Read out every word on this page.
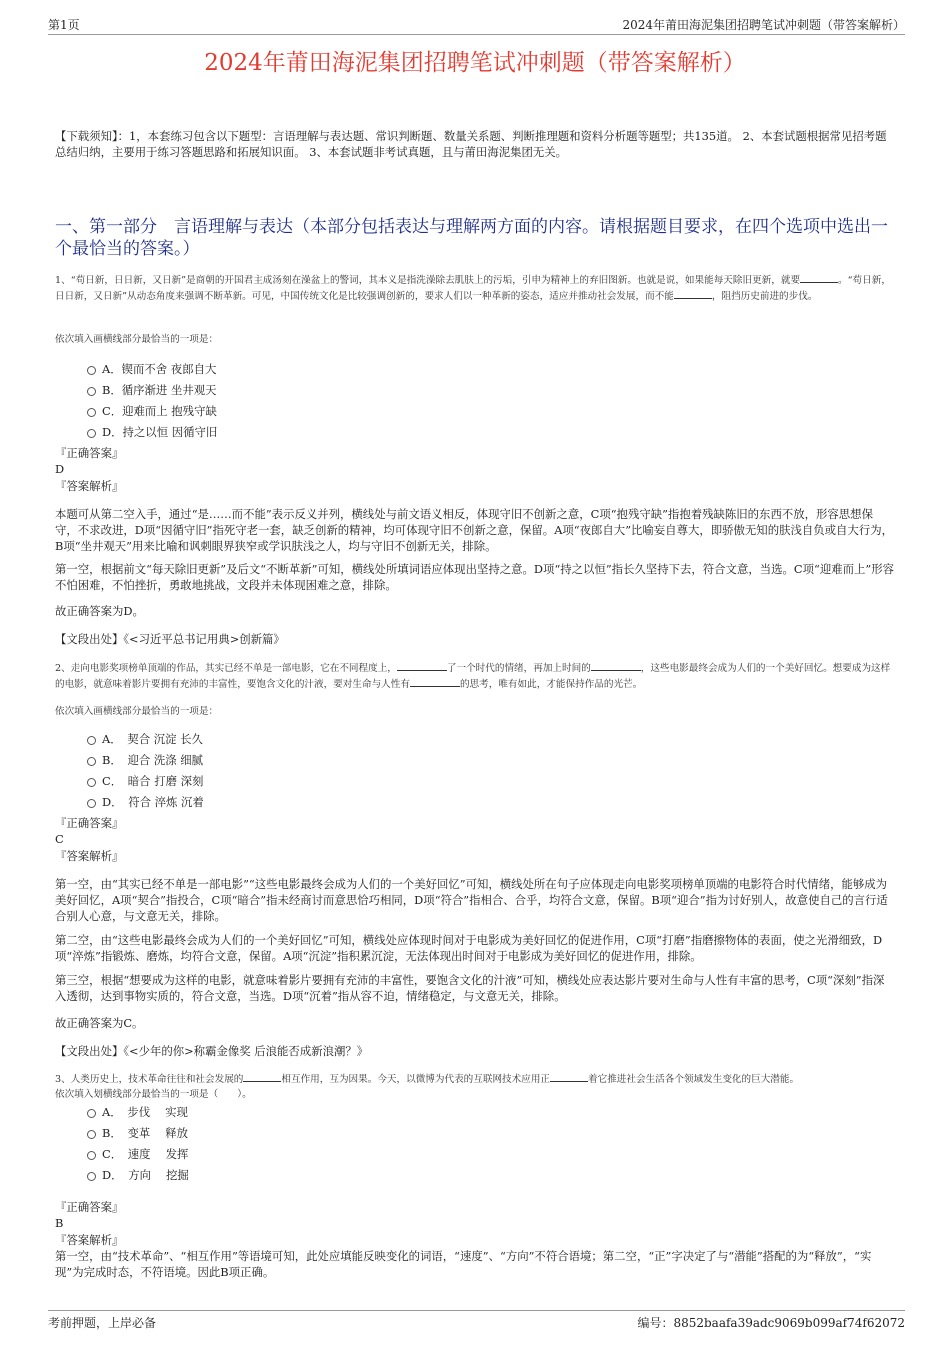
第1页	2024年莆田海泥集团招聘笔试冲刺题（带答案解析）
2024年莆田海泥集团招聘笔试冲刺题（带答案解析）

【下载须知】：1，本套练习包含以下题型：言语理解与表达题、常识判断题、数量关系题、判断推理题和资料分析题等题型；共135道。 2、本套试题根据常见招考题总结归纳，主要用于练习答题思路和拓展知识面。 3、本套试题非考试真题，且与莆田海泥集团无关。

一、第一部分　言语理解与表达（本部分包括表达与理解两方面的内容。请根据题目要求，在四个选项中选出一个最恰当的答案。）

1、“苟日新，日日新，又日新”是商朝的开国君主成汤刻在澡盆上的警词，其本义是指洗澡除去肌肤上的污垢，引申为精神上的弃旧图新。也就是说，如果能每天除旧更新，就要	。“苟日新，日日新，又日新”从动态角度来强调不断革新。可见，中国传统文化是比较强调创新的，要求人们以一种革新的姿态，适应并推动社会发展，而不能	，阻挡历史前进的步伐。

依次填入画横线部分最恰当的一项是：

A．锲而不舍 夜郎自大
B．循序渐进 坐井观天
C．迎难而上 抱残守缺
D．持之以恒 因循守旧
『正确答案』
D
『答案解析』

本题可从第二空入手，通过“是……而不能”表示反义并列，横线处与前文语义相反，体现守旧不创新之意，C项“抱残守缺”指抱着残缺陈旧的东西不放，形容思想保守，不求改进，D项“因循守旧”指死守老一套，缺乏创新的精神，均可体现守旧不创新之意，保留。A项“夜郎自大”比喻妄自尊大，即骄傲无知的肤浅自负或自大行为，B项“坐井观天”用来比喻和讽刺眼界狭窄或学识肤浅之人，均与守旧不创新无关，排除。

第一空，根据前文“每天除旧更新”及后文“不断革新”可知，横线处所填词语应体现出坚持之意。D项“持之以恒”指长久坚持下去，符合文意，当选。C项“迎难而上”形容不怕困难，不怕挫折，勇敢地挑战，文段并未体现困难之意，排除。

故正确答案为D。

【文段出处】《<习近平总书记用典>创新篇》

2、走向电影奖项榜单顶端的作品，其实已经不单是一部电影，它在不同程度上，	了一个时代的情绪，再加上时间的	，这些电影最终会成为人们的一个美好回忆。想要成为这样的电影，就意味着影片要拥有充沛的丰富性，要饱含文化的汁液，要对生命与人性有	的思考，唯有如此，才能保持作品的光芒。

依次填入画横线部分最恰当的一项是：

A．　契合 沉淀 长久
B．　迎合 洗涤 细腻
C．　暗合 打磨 深刻
D．　符合 淬炼 沉着
『正确答案』
C
『答案解析』

第一空，由“其实已经不单是一部电影”“这些电影最终会成为人们的一个美好回忆”可知，横线处所在句子应体现走向电影奖项榜单顶端的电影符合时代情绪，能够成为美好回忆，A项“契合”指投合，C项“暗合”指未经商讨而意思恰巧相同，D项“符合”指相合、合乎，均符合文意，保留。B项“迎合”指为讨好别人，故意使自己的言行适合别人心意，与文意无关，排除。

第二空，由“这些电影最终会成为人们的一个美好回忆”可知，横线处应体现时间对于电影成为美好回忆的促进作用，C项“打磨”指磨擦物体的表面，使之光滑细致，D项“淬炼”指锻炼、磨炼，均符合文意，保留。A项“沉淀”指积累沉淀，无法体现出时间对于电影成为美好回忆的促进作用，排除。

第三空，根据“想要成为这样的电影，就意味着影片要拥有充沛的丰富性，要饱含文化的汁液”可知，横线处应表达影片要对生命与人性有丰富的思考，C项“深刻”指深入透彻，达到事物实质的，符合文意，当选。D项“沉着”指从容不迫，情绪稳定，与文意无关，排除。

故正确答案为C。

【文段出处】《<少年的你>称霸金像奖 后浪能否成新浪潮？》

3、人类历史上，技术革命往往和社会发展的	相互作用，互为因果。今天，以微博为代表的互联网技术应用正	着它推进社会生活各个领域发生变化的巨大潜能。
依次填入划横线部分最恰当的一项是（　　）。

A．　步伐　 实现
B．　变革　 释放
C．　速度　 发挥
D．　方向　 挖掘
『正确答案』
B
『答案解析』

第一空，由“技术革命”、“相互作用”等语境可知，此处应填能反映变化的词语，“速度”、“方向”不符合语境；第二空，“正”字决定了与“潜能”搭配的为“释放”，“实现”为完成时态，不符语境。因此B项正确。

考前押题，上岸必备	编号：8852baafa39adc9069b099af74f62072
